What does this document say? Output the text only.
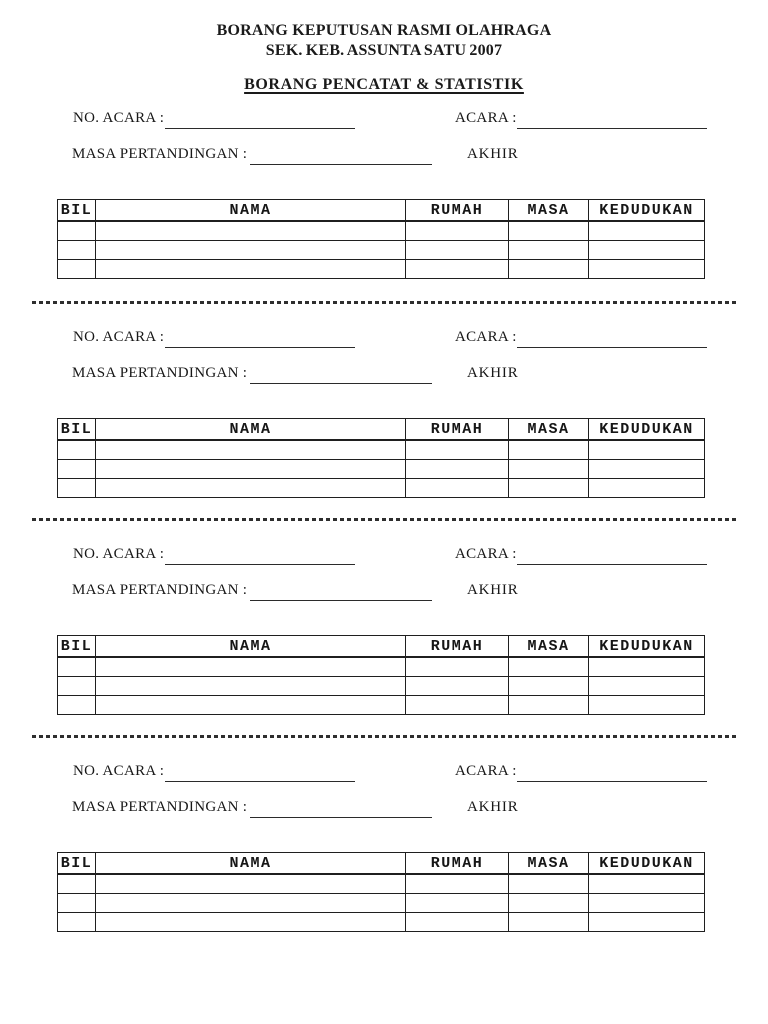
BORANG KEPUTUSAN RASMI OLAHRAGA
SEK. KEB. ASSUNTA SATU 2007
BORANG PENCATAT & STATISTIK
NO. ACARA :	ACARA :
MASA PERTANDINGAN :	AKHIR
BIL	NAMA	RUMAH	MASA	KEDUDUKAN

NO. ACARA :	ACARA :
MASA PERTANDINGAN :	AKHIR
BIL	NAMA	RUMAH	MASA	KEDUDUKAN

NO. ACARA :	ACARA :
MASA PERTANDINGAN :	AKHIR
BIL	NAMA	RUMAH	MASA	KEDUDUKAN

NO. ACARA :	ACARA :
MASA PERTANDINGAN :	AKHIR
BIL	NAMA	RUMAH	MASA	KEDUDUKAN
